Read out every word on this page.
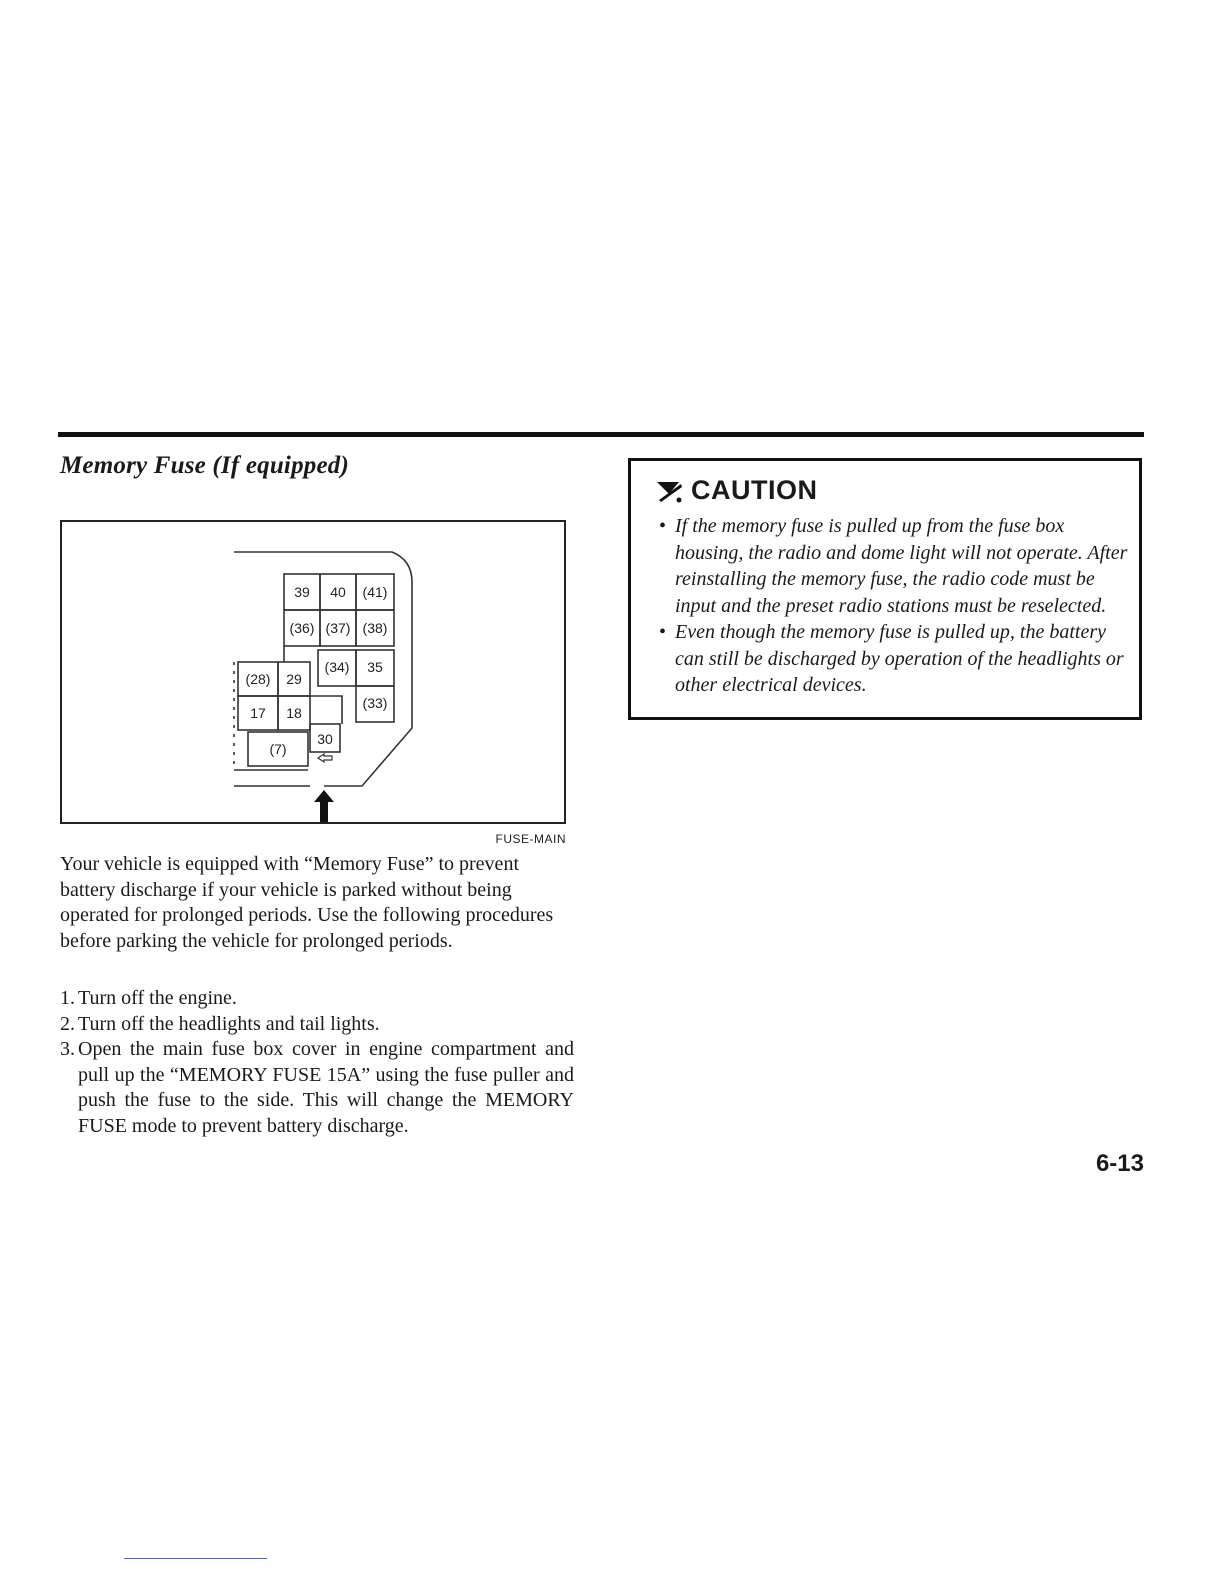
Memory Fuse (If equipped)
39 40 (41)
(36) (37) (38)
(34) 35
(33)
(28) 29
17 18
(7)
30
FUSE-MAIN

Your vehicle is equipped with “Memory Fuse” to prevent battery discharge if your vehicle is parked without being operated for prolonged periods. Use the following procedures before parking the vehicle for prolonged periods.

1. Turn off the engine.
2. Turn off the headlights and tail lights.
3. Open the main fuse box cover in engine compartment and pull up the “MEMORY FUSE 15A” using the fuse puller and push the fuse to the side. This will change the MEMORY FUSE mode to prevent battery discharge.
CAUTION
• If the memory fuse is pulled up from the fuse box housing, the radio and dome light will not operate. After reinstalling the memory fuse, the radio code must be input and the preset radio stations must be reselected.
• Even though the memory fuse is pulled up, the battery can still be discharged by operation of the headlights or other electrical devices.
6-13
